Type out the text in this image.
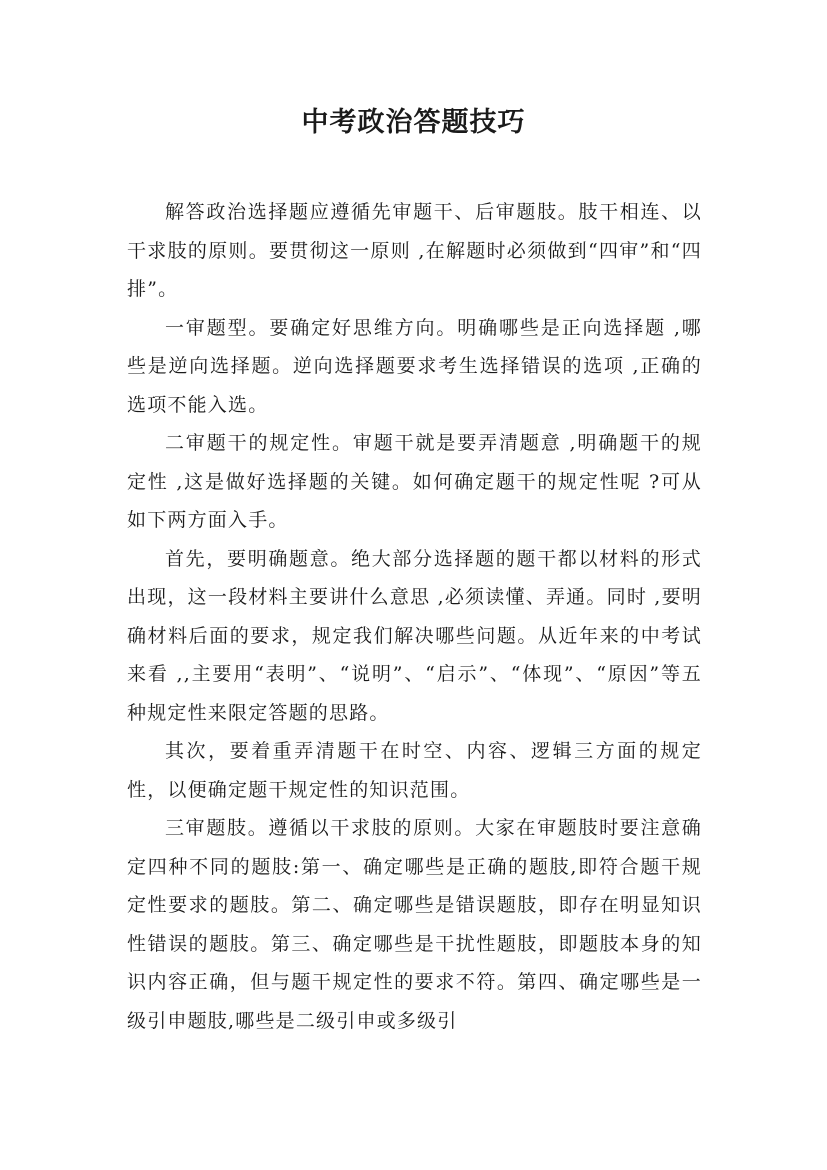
中考政治答题技巧

解答政治选择题应遵循先审题干、后审题肢。肢干相连、以干求肢的原则。要贯彻这一原则 ,在解题时必须做到“四审”和“四排”。

一审题型。要确定好思维方向。明确哪些是正向选择题 ,哪些是逆向选择题。逆向选择题要求考生选择错误的选项 ,正确的选项不能入选。

二审题干的规定性。审题干就是要弄清题意 ,明确题干的规定性 ,这是做好选择题的关键。如何确定题干的规定性呢 ?可从如下两方面入手。

首先，要明确题意。绝大部分选择题的题干都以材料的形式出现，这一段材料主要讲什么意思 ,必须读懂、弄通。同时 ,要明确材料后面的要求，规定我们解决哪些问题。从近年来的中考试来看 ,,主要用“表明”、“说明”、“启示”、“体现”、“原因”等五种规定性来限定答题的思路。

其次，要着重弄清题干在时空、内容、逻辑三方面的规定性，以便确定题干规定性的知识范围。

三审题肢。遵循以干求肢的原则。大家在审题肢时要注意确定四种不同的题肢:第一、确定哪些是正确的题肢,即符合题干规定性要求的题肢。第二、确定哪些是错误题肢，即存在明显知识性错误的题肢。第三、确定哪些是干扰性题肢，即题肢本身的知识内容正确，但与题干规定性的要求不符。第四、确定哪些是一级引申题肢,哪些是二级引申或多级引
